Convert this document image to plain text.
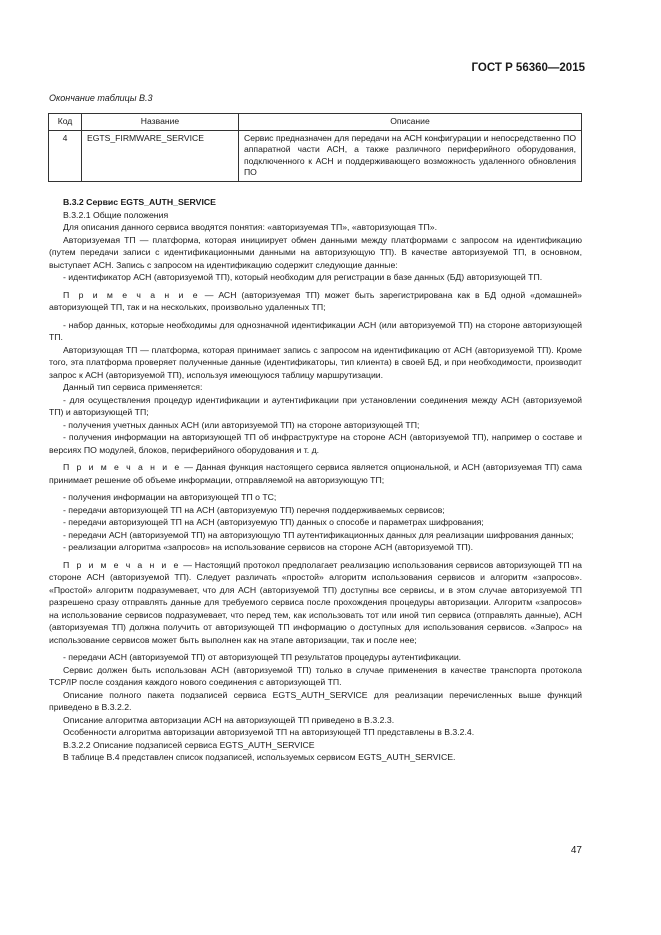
ГОСТ Р 56360—2015
Окончание таблицы В.3
Код	Название	Описание
4	EGTS_FIRMWARE_SERVICE	Сервис предназначен для передачи на АСН конфигурации и непосредственно ПО аппаратной части АСН, а также различного периферийного оборудования, подключенного к АСН и поддерживающего возможность удаленного обновления ПО

В.3.2 Сервис EGTS_AUTH_SERVICE

В.3.2.1 Общие положения

Для описания данного сервиса вводятся понятия: «авторизуемая ТП», «авторизующая ТП».

Авторизуемая ТП — платформа, которая инициирует обмен данными между платформами с запросом на идентификацию (путем передачи записи с идентификационными данными на авторизующую ТП). В качестве авторизуемой ТП, в основном, выступает АСН. Запись с запросом на идентификацию содержит следующие данные:

- идентификатор АСН (авторизуемой ТП), который необходим для регистрации в базе данных (БД) авторизующей ТП.

П р и м е ч а н и е — АСН (авторизуемая ТП) может быть зарегистрирована как в БД одной «домашней» авторизующей ТП, так и на нескольких, произвольно удаленных ТП;

- набор данных, которые необходимы для однозначной идентификации АСН (или авторизуемой ТП) на стороне авторизующей ТП.

Авторизующая ТП — платформа, которая принимает запись с запросом на идентификацию от АСН (авторизуемой ТП). Кроме того, эта платформа проверяет полученные данные (идентификаторы, тип клиента) в своей БД, и при необходимости, производит запрос к АСН (авторизуемой ТП), используя имеющуюся таблицу маршрутизации.

Данный тип сервиса применяется:

- для осуществления процедур идентификации и аутентификации при установлении соединения между АСН (авторизуемой ТП) и авторизующей ТП;

- получения учетных данных АСН (или авторизуемой ТП) на стороне авторизующей ТП;

- получения информации на авторизующей ТП об инфраструктуре на стороне АСН (авторизуемой ТП), например о составе и версиях ПО модулей, блоков, периферийного оборудования и т. д.

П р и м е ч а н и е — Данная функция настоящего сервиса является опциональной, и АСН (авторизуемая ТП) сама принимает решение об объеме информации, отправляемой на авторизующую ТП;

- получения информации на авторизующей ТП о ТС;

- передачи авторизующей ТП на АСН (авторизуемую ТП) перечня поддерживаемых сервисов;

- передачи авторизующей ТП на АСН (авторизуемую ТП) данных о способе и параметрах шифрования;

- передачи АСН (авторизуемой ТП) на авторизующую ТП аутентификационных данных для реализации шифрования данных;

- реализации алгоритма «запросов» на использование сервисов на стороне АСН (авторизуемой ТП).

П р и м е ч а н и е — Настоящий протокол предполагает реализацию использования сервисов авторизующей ТП на стороне АСН (авторизуемой ТП). Следует различать «простой» алгоритм использования сервисов и алгоритм «запросов». «Простой» алгоритм подразумевает, что для АСН (авторизуемой ТП) доступны все сервисы, и в этом случае авторизуемой ТП разрешено сразу отправлять данные для требуемого сервиса после прохождения процедуры авторизации. Алгоритм «запросов» на использование сервисов подразумевает, что перед тем, как использовать тот или иной тип сервиса (отправлять данные), АСН (авторизуемая ТП) должна получить от авторизующей ТП информацию о доступных для использования сервисов. «Запрос» на использование сервисов может быть выполнен как на этапе авторизации, так и после нее;

- передачи АСН (авторизуемой ТП) от авторизующей ТП результатов процедуры аутентификации.

Сервис должен быть использован АСН (авторизуемой ТП) только в случае применения в качестве транспорта протокола TCP/IP после создания каждого нового соединения с авторизующей ТП.

Описание полного пакета подзаписей сервиса EGTS_AUTH_SERVICE для реализации перечисленных выше функций приведено в В.3.2.2.

Описание алгоритма авторизации АСН на авторизующей ТП приведено в В.3.2.3.

Особенности алгоритма авторизации авторизуемой ТП на авторизующей ТП представлены в В.3.2.4.

В.3.2.2 Описание подзаписей сервиса EGTS_AUTH_SERVICE

В таблице В.4 представлен список подзаписей, используемых сервисом EGTS_AUTH_SERVICE.

47
